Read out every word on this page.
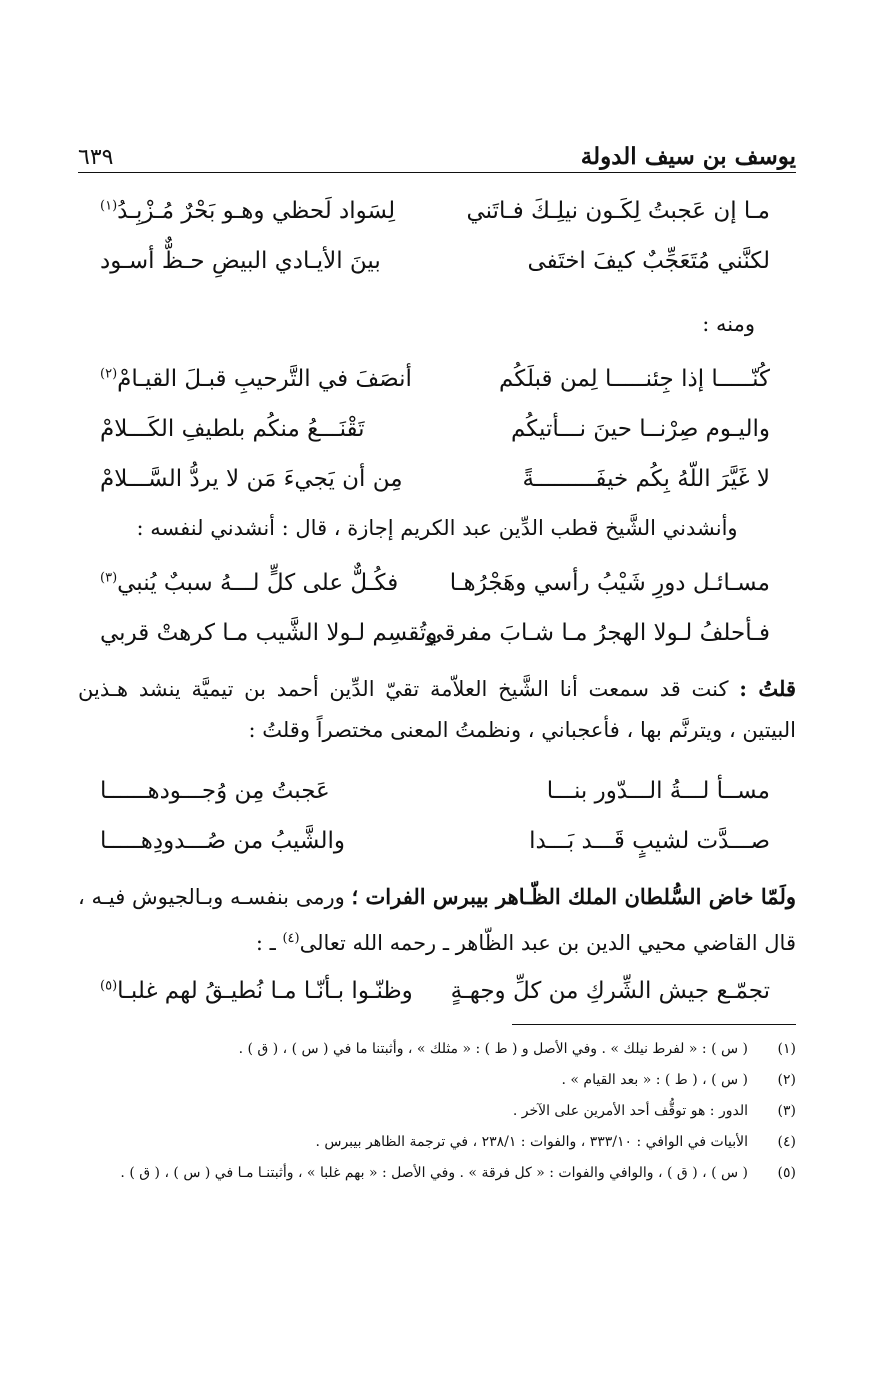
يوسف بن سيف الدولة
٦٣٩
مـا إن عَجبتُ لِكَـون نيلِـكَ فـاتَني
لِسَواد لَحظي وهـو بَحْرٌ مُـزْبِـدُ$^{(١)}$
لكنَّني مُتَعَجِّبٌ كيفَ اختَفى
بينَ الأيـادي البيضِ حـظٌّ أسـود
ومنه :
كُنّـــــا إذا جِئنـــــا لِمن قبلَكُم
أنصَفَ في التَّرحيبِ قبـلَ القيـامْ$^{(٢)}$
واليـوم صِرْنــا حينَ نـــأتيكُم
تَقْنَـــعُ منكُم بلطيفِ الكَـــلامْ
لا غَيَّرَ اللّهُ بِكُم خيفَـــــــــةً
مِن أن يَجيءَ مَن لا يردُّ السَّـــلامْ
وأنشدني الشَّيخ قطب الدِّين عبد الكريم إجازة ، قال : أنشدني لنفسه :
مسـائـل دورِ شَيْبُ رأسي وهَجْرُهـا
فكُـلٌّ على كلٍّ لـــهُ سببٌ يُنبي$^{(٣)}$
فـأحلفُ لـولا الهجرُ مـا شـابَ مفرقي
وتُقسِم لـولا الشَّيب مـا كرهتْ قربي
قلتُ : كنت قد سمعت أنا الشَّيخ العلاّمة تقيّ الدِّين أحمد بن تيميَّة ينشد هـذين البيتين ، ويترنَّم بها ، فأعجباني ، ونظمتُ المعنى مختصراً وقلتُ :
مســأ لـــةُ الـــدّور بنـــا
عَجبتُ مِن وُجـــودهــــــا
صـــدَّت لشيبٍ قَـــد بَـــدا
والشَّيبُ من صُـــدودِهـــــا
ولَمّا خاض السُّلطان الملك الظّـاهر بيبرس الفرات ؛ ورمى بنفسـه وبـالجيوش فيـه ، قال القاضي محيي الدين بن عبد الظّاهر ـ رحمه الله تعالى$^{(٤)}$ ـ :
تجمّـع جيش الشِّركِ من كلِّ وجهـةٍ
وظنّـوا بـأنّـا مـا نُطيـقُ لهم غلبـا$^{(٥)}$
(١)
( س ) : « لفرط نيلك » . وفي الأصل و ( ط ) : « مثلك » ، وأثبتنا ما في ( س ) ، ( ق ) .
(٢)
( س ) ، ( ط ) : « بعد القيام » .
(٣)
الدور : هو توقُّف أحد الأمرين على الآخر .
(٤)
الأبيات في الوافي : ٣٣٣/١٠ ، والفوات : ٢٣٨/١ ، في ترجمة الظاهر بيبرس .
(٥)
( س ) ، ( ق ) ، والوافي والفوات : « كل فرقة » . وفي الأصل : « بهم غلبا » ، وأثبتنـا مـا في ( س ) ، ( ق ) .
